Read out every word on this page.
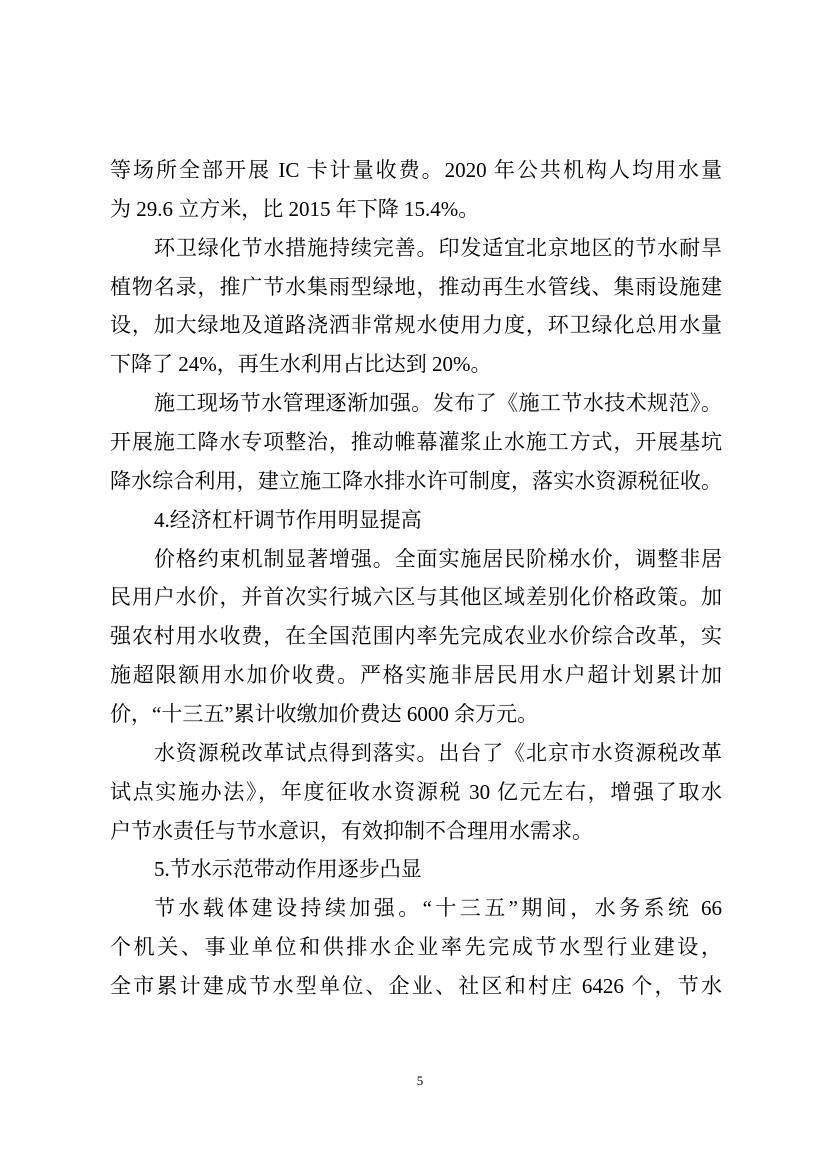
等场所全部开展 IC 卡计量收费。2020 年公共机构人均用水量
为 29.6 立方米，比 2015 年下降 15.4%。
环卫绿化节水措施持续完善。印发适宜北京地区的节水耐旱
植物名录，推广节水集雨型绿地，推动再生水管线、集雨设施建
设，加大绿地及道路浇洒非常规水使用力度，环卫绿化总用水量
下降了 24%，再生水利用占比达到 20%。
施工现场节水管理逐渐加强。发布了《施工节水技术规范》。
开展施工降水专项整治，推动帷幕灌浆止水施工方式，开展基坑
降水综合利用，建立施工降水排水许可制度，落实水资源税征收。
4.经济杠杆调节作用明显提高
价格约束机制显著增强。全面实施居民阶梯水价，调整非居
民用户水价，并首次实行城六区与其他区域差别化价格政策。加
强农村用水收费，在全国范围内率先完成农业水价综合改革，实
施超限额用水加价收费。严格实施非居民用水户超计划累计加
价，“十三五”累计收缴加价费达 6000 余万元。
水资源税改革试点得到落实。出台了《北京市水资源税改革
试点实施办法》，年度征收水资源税 30 亿元左右，增强了取水
户节水责任与节水意识，有效抑制不合理用水需求。
5.节水示范带动作用逐步凸显
节水载体建设持续加强。“十三五”期间，水务系统 66
个机关、事业单位和供排水企业率先完成节水型行业建设，
全市累计建成节水型单位、企业、社区和村庄 6426 个，节水
5
